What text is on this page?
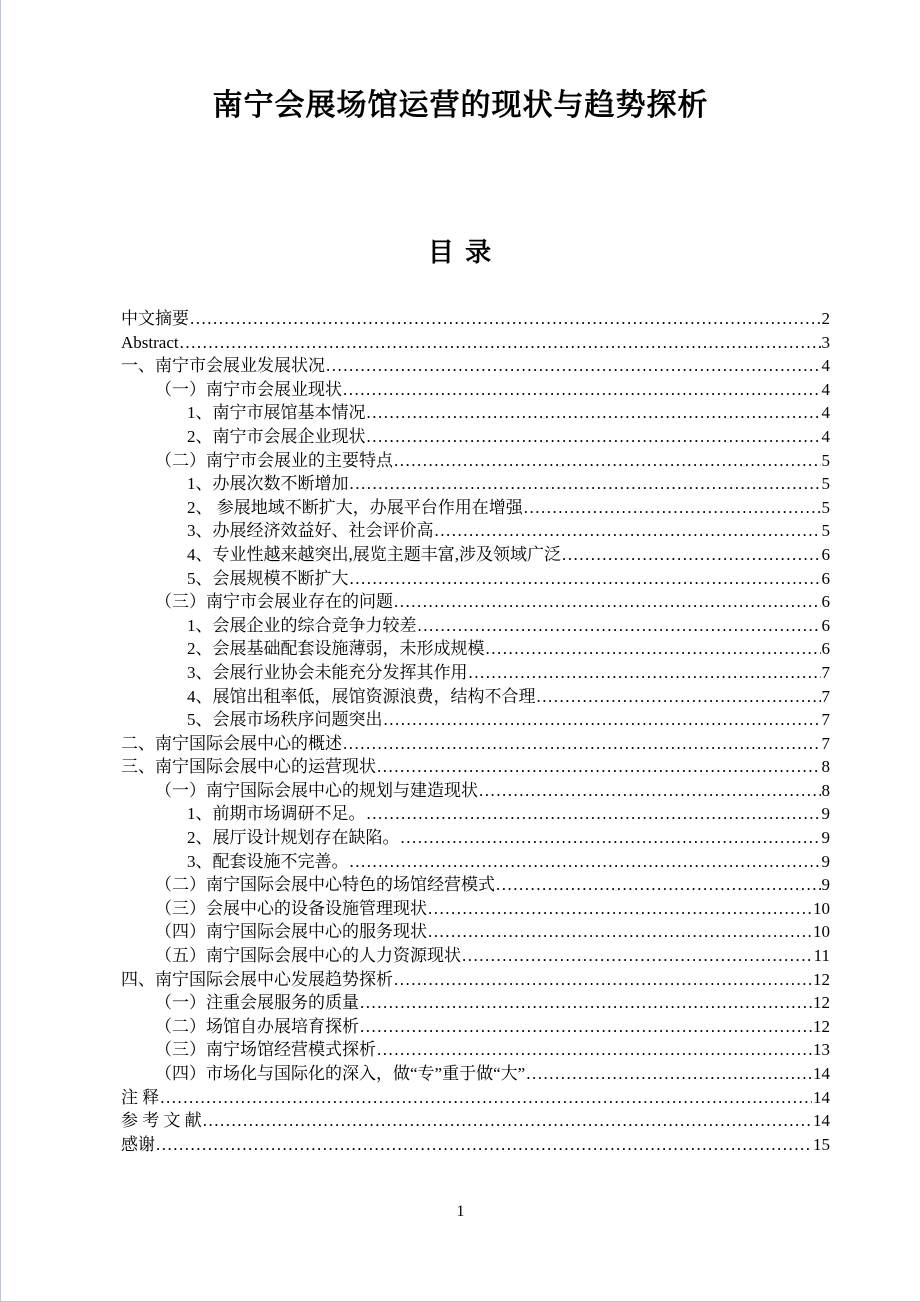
南宁会展场馆运营的现状与趋势探析
目 录
中文摘要 .....	2
Abstract .....	3
一、南宁市会展业发展状况 .....	4
（一）南宁市会展业现状 .....	4
1、南宁市展馆基本情况 .....	4
2、南宁市会展企业现状 .....	4
（二）南宁市会展业的主要特点 .....	5
1、办展次数不断增加 .....	5
2、 参展地域不断扩大，办展平台作用在增强 .....	5
3、办展经济效益好、社会评价高 .....	5
4、专业性越来越突出,展览主题丰富,涉及领域广泛 .....	6
5、会展规模不断扩大 .....	6
（三）南宁市会展业存在的问题 .....	6
1、会展企业的综合竞争力较差 .....	6
2、会展基础配套设施薄弱，未形成规模 .....	6
3、会展行业协会未能充分发挥其作用 .....	7
4、展馆出租率低，展馆资源浪费，结构不合理 .....	7
5、会展市场秩序问题突出 .....	7
二、南宁国际会展中心的概述 .....	7
三、南宁国际会展中心的运营现状 .....	8
（一）南宁国际会展中心的规划与建造现状 .....	8
1、前期市场调研不足。 .....	9
2、展厅设计规划存在缺陷。 .....	9
3、配套设施不完善。 .....	9
（二）南宁国际会展中心特色的场馆经营模式 .....	9
（三）会展中心的设备设施管理现状 .....	10
（四）南宁国际会展中心的服务现状 .....	10
（五）南宁国际会展中心的人力资源现状 .....	11
四、南宁国际会展中心发展趋势探析 .....	12
（一）注重会展服务的质量 .....	12
（二）场馆自办展培育探析 .....	12
（三）南宁场馆经营模式探析 .....	13
（四）市场化与国际化的深入，做“专”重于做“大” .....	14
注 释 .....	14
参 考 文 献 .....	14
感谢 .....	15
1
